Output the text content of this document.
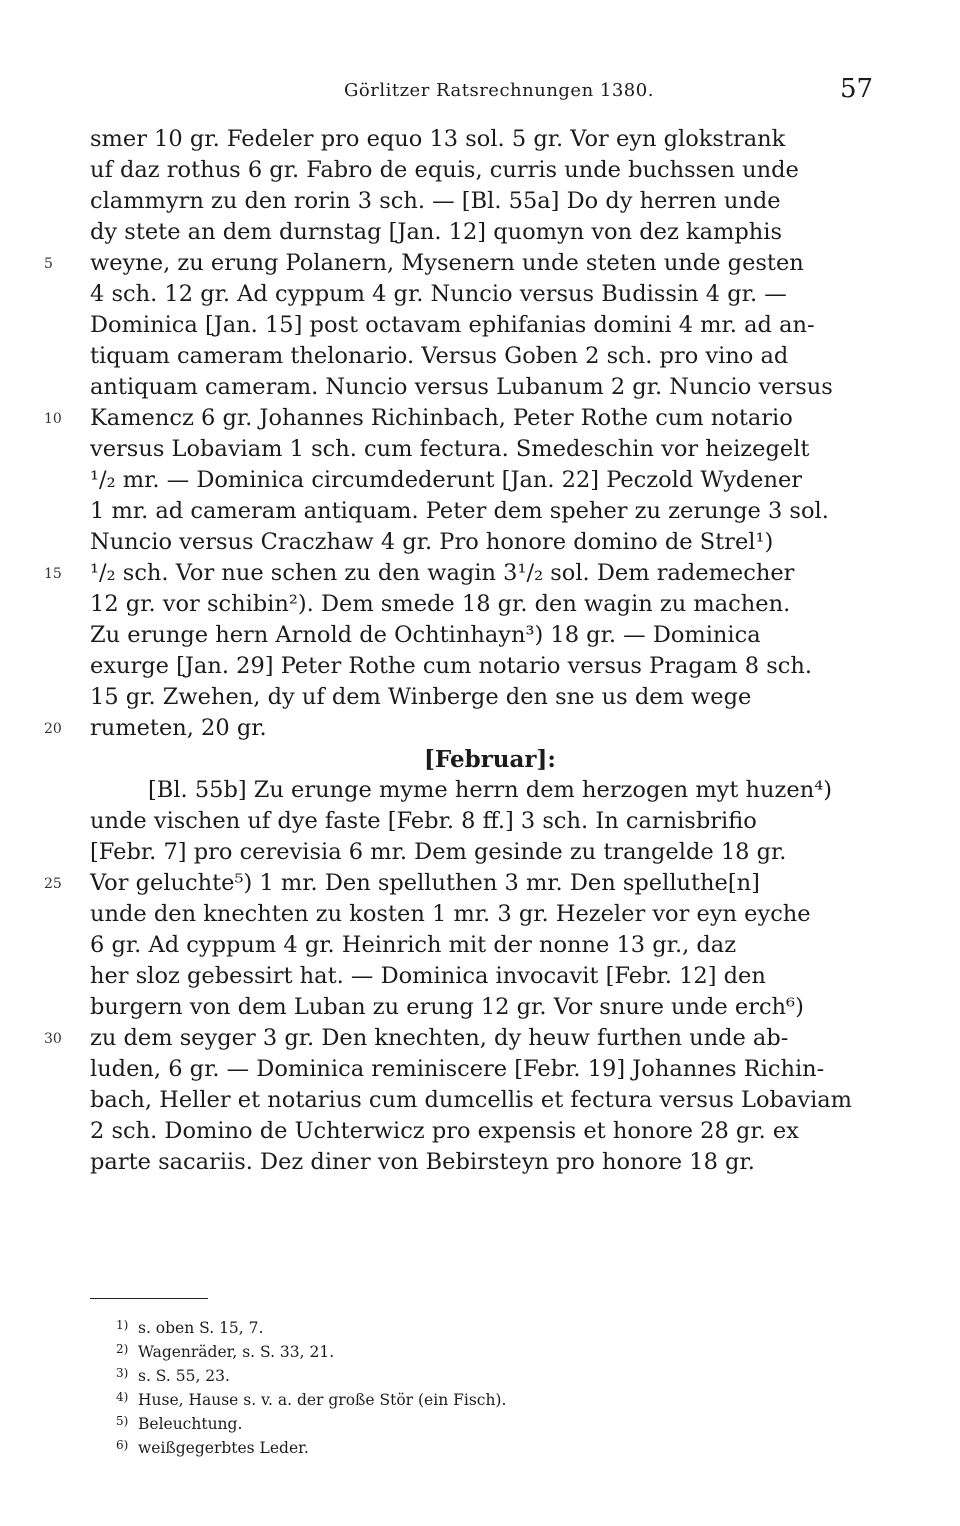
Görlitzer Ratsrechnungen 1380.	57
smer 10 gr. Fedeler pro equo 13 sol. 5 gr. Vor eyn glokstrank
uf daz rothus 6 gr. Fabro de equis, curris unde buchssen unde
clammyrn zu den rorin 3 sch. — [Bl. 55a] Do dy herren unde
dy stete an dem durnstag [Jan. 12] quomyn von dez kamphis
5 weyne, zu erung Polanern, Mysenern unde steten unde gesten
4 sch. 12 gr. Ad cyppum 4 gr. Nuncio versus Budissin 4 gr. —
Dominica [Jan. 15] post octavam ephifanias domini 4 mr. ad an-
tiquam cameram thelonario. Versus Goben 2 sch. pro vino ad
antiquam cameram. Nuncio versus Lubanum 2 gr. Nuncio versus
10 Kamencz 6 gr. Johannes Richinbach, Peter Rothe cum notario
versus Lobaviam 1 sch. cum fectura. Smedeschin vor heizegelt
¹/₂ mr. — Dominica circumdederunt [Jan. 22] Peczold Wydener
1 mr. ad cameram antiquam. Peter dem speher zu zerunge 3 sol.
Nuncio versus Craczhaw 4 gr. Pro honore domino de Strel¹)
15 ¹/₂ sch. Vor nue schen zu den wagin 3¹/₂ sol. Dem rademecher
12 gr. vor schibin²). Dem smede 18 gr. den wagin zu machen.
Zu erunge hern Arnold de Ochtinhayn³) 18 gr. — Dominica
exurge [Jan. 29] Peter Rothe cum notario versus Pragam 8 sch.
15 gr. Zwehen, dy uf dem Winberge den sne us dem wege
20 rumeten, 20 gr.
[Februar]:
[Bl. 55b] Zu erunge myme herrn dem herzogen myt huzen⁴)
unde vischen uf dye faste [Febr. 8 ff.] 3 sch. In carnisbrifio
[Febr. 7] pro cerevisia 6 mr. Dem gesinde zu trangelde 18 gr.
25 Vor geluchte⁵) 1 mr. Den spelluthen 3 mr. Den spelluthe[n]
unde den knechten zu kosten 1 mr. 3 gr. Hezeler vor eyn eyche
6 gr. Ad cyppum 4 gr. Heinrich mit der nonne 13 gr., daz
her sloz gebessirt hat. — Dominica invocavit [Febr. 12] den
burgern von dem Luban zu erung 12 gr. Vor snure unde erch⁶)
30 zu dem seyger 3 gr. Den knechten, dy heuw furthen unde ab-
luden, 6 gr. — Dominica reminiscere [Febr. 19] Johannes Richin-
bach, Heller et notarius cum dumcellis et fectura versus Lobaviam
2 sch. Domino de Uchterwicz pro expensis et honore 28 gr. ex
parte sacariis. Dez diner von Bebirsteyn pro honore 18 gr.
1) s. oben S. 15, 7.
2) Wagenräder, s. S. 33, 21.
3) s. S. 55, 23.
4) Huse, Hause s. v. a. der große Stör (ein Fisch).
5) Beleuchtung.
6) weißgegerbtes Leder.
